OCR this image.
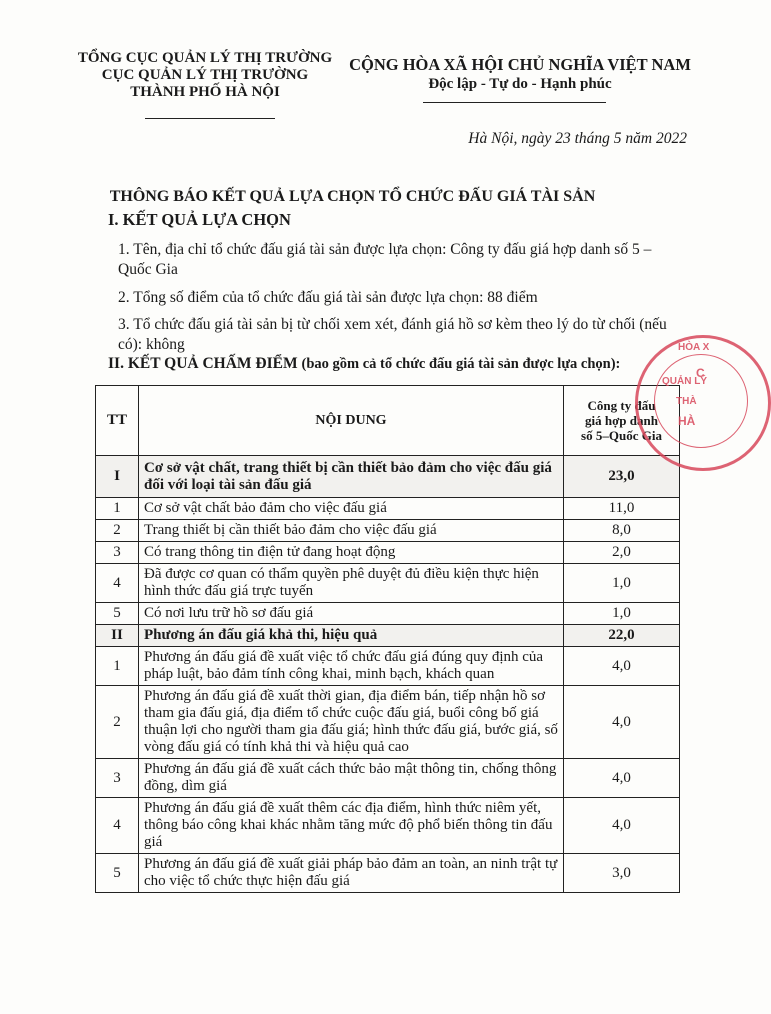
TỔNG CỤC QUẢN LÝ THỊ TRƯỜNG
CỤC QUẢN LÝ THỊ TRƯỜNG
THÀNH PHỐ HÀ NỘI
CỘNG HÒA XÃ HỘI CHỦ NGHĨA VIỆT NAM
Độc lập - Tự do - Hạnh phúc
Hà Nội, ngày 23 tháng 5 năm 2022
THÔNG BÁO KẾT QUẢ LỰA CHỌN TỔ CHỨC ĐẤU GIÁ TÀI SẢN
I. KẾT QUẢ LỰA CHỌN
1. Tên, địa chỉ tổ chức đấu giá tài sản được lựa chọn: Công ty đấu giá hợp danh số 5 – Quốc Gia
2. Tổng số điểm của tổ chức đấu giá tài sản được lựa chọn: 88 điểm
3. Tổ chức đấu giá tài sản bị từ chối xem xét, đánh giá hồ sơ kèm theo lý do từ chối (nếu có): không
II. KẾT QUẢ CHẤM ĐIỂM (bao gồm cả tổ chức đấu giá tài sản được lựa chọn):
TT	NỘI DUNG	Công ty đấu
giá hợp danh
số 5–Quốc Gia

I	Cơ sở vật chất, trang thiết bị cần thiết bảo đảm cho việc đấu giá đối với loại tài sản đấu giá	23,0
1	Cơ sở vật chất bảo đảm cho việc đấu giá	11,0
2	Trang thiết bị cần thiết bảo đảm cho việc đấu giá	8,0
3	Có trang thông tin điện tử đang hoạt động	2,0
4	Đã được cơ quan có thẩm quyền phê duyệt đủ điều kiện thực hiện hình thức đấu giá trực tuyến	1,0
5	Có nơi lưu trữ hồ sơ đấu giá	1,0
II	Phương án đấu giá khả thi, hiệu quả	22,0
1	Phương án đấu giá đề xuất việc tổ chức đấu giá đúng quy định của pháp luật, bảo đảm tính công khai, minh bạch, khách quan	4,0
2	Phương án đấu giá đề xuất thời gian, địa điểm bán, tiếp nhận hồ sơ tham gia đấu giá, địa điểm tổ chức cuộc đấu giá, buổi công bố giá thuận lợi cho người tham gia đấu giá; hình thức đấu giá, bước giá, số vòng đấu giá có tính khả thi và hiệu quả cao	4,0
3	Phương án đấu giá đề xuất cách thức bảo mật thông tin, chống thông đồng, dìm giá	4,0
4	Phương án đấu giá đề xuất thêm các địa điểm, hình thức niêm yết, thông báo công khai khác nhằm tăng mức độ phổ biến thông tin đấu giá	4,0
5	Phương án đấu giá đề xuất giải pháp bảo đảm an toàn, an ninh trật tự cho việc tổ chức thực hiện đấu giá	3,0
HÒA X
QUẢN LÝ
THÀ
HÀ
C
